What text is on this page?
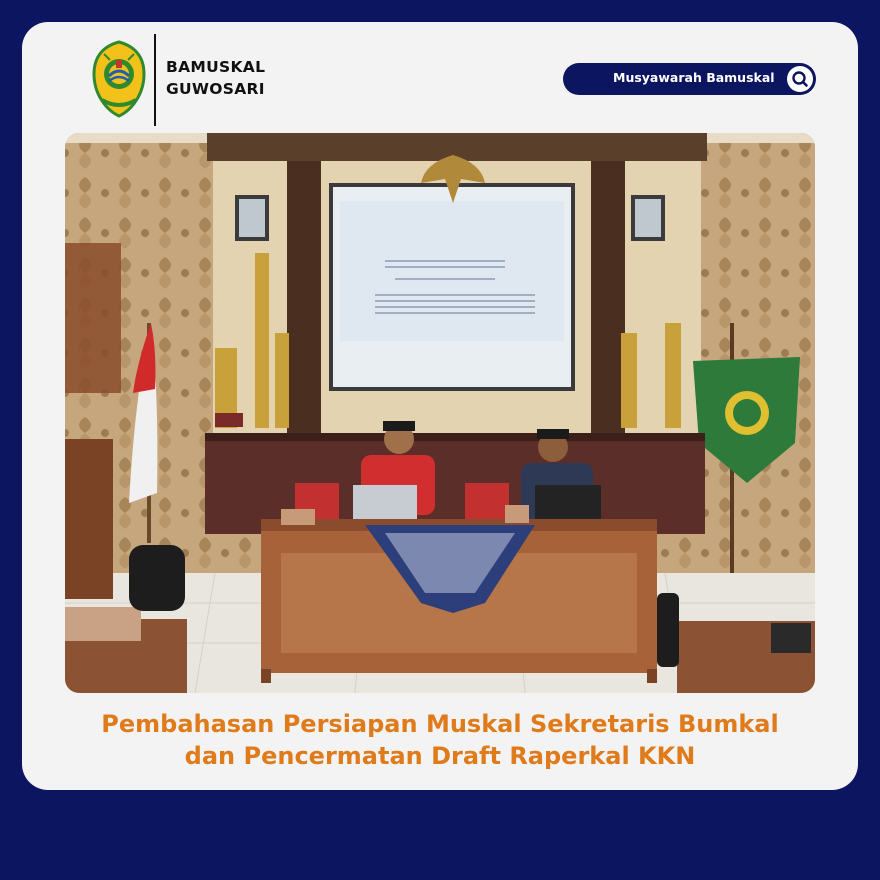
BAMUSKAL
GUWOSARI
Musyawarah Bamuskal
Pembahasan Persiapan Muskal Sekretaris Bumkal
dan Pencermatan Draft Raperkal KKN
